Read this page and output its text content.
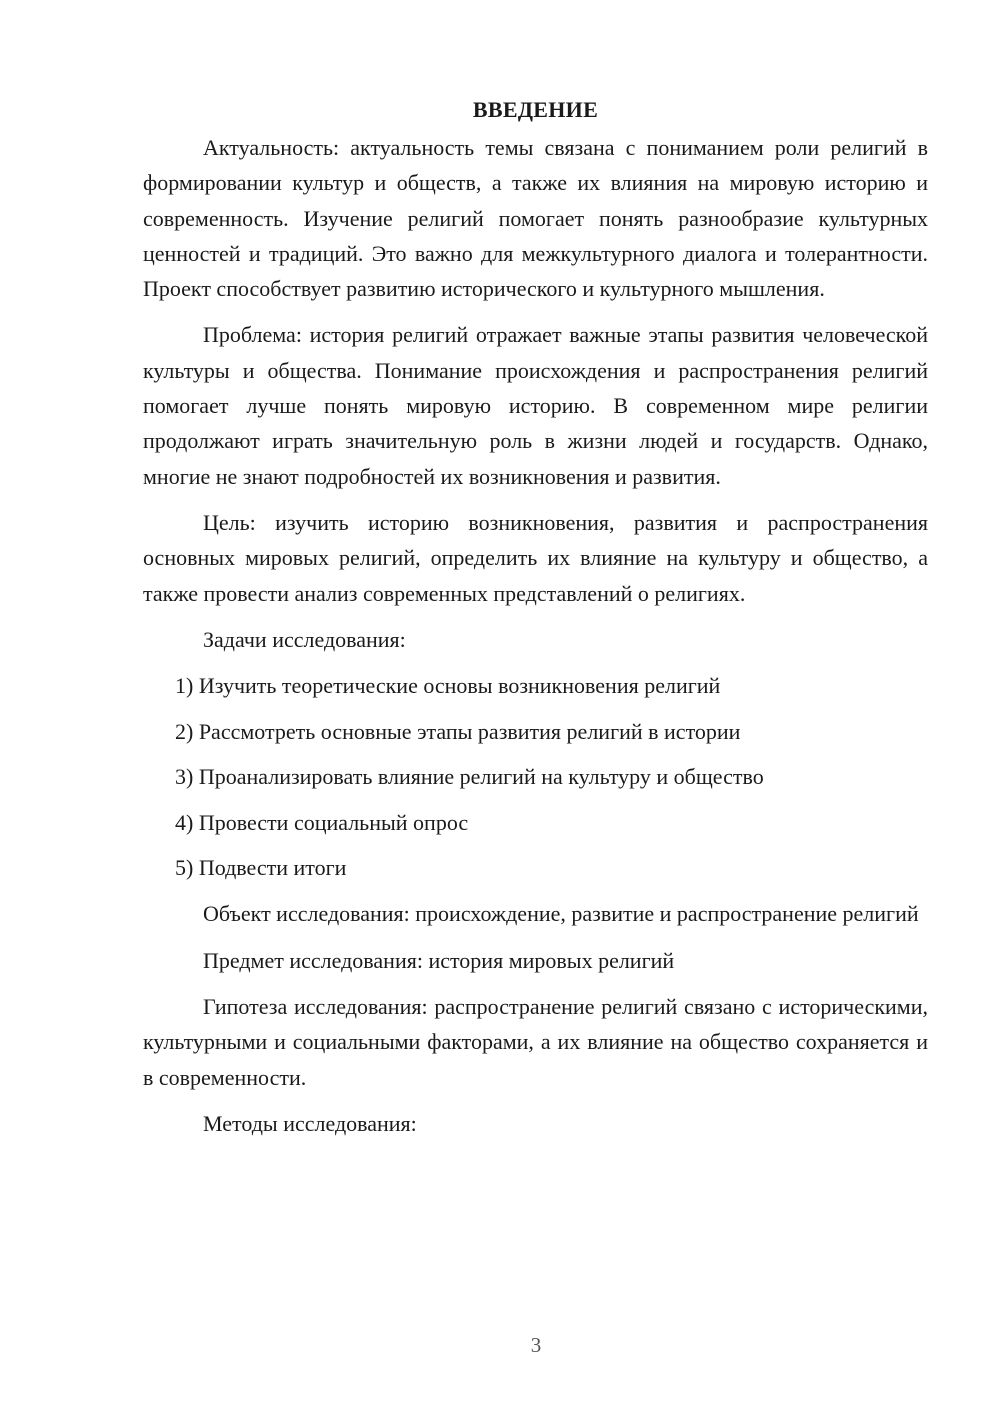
ВВЕДЕНИЕ

Актуальность: актуальность темы связана с пониманием роли религий в формировании культур и обществ, а также их влияния на мировую историю и современность. Изучение религий помогает понять разнообразие культурных ценностей и традиций. Это важно для межкультурного диалога и толерантности. Проект способствует развитию исторического и культурного мышления.

Проблема: история религий отражает важные этапы развития человеческой культуры и общества. Понимание происхождения и распространения религий помогает лучше понять мировую историю. В современном мире религии продолжают играть значительную роль в жизни людей и государств. Однако, многие не знают подробностей их возникновения и развития.

Цель: изучить историю возникновения, развития и распространения основных мировых религий, определить их влияние на культуру и общество, а также провести анализ современных представлений о религиях.

Задачи исследования:

1) Изучить теоретические основы возникновения религий
2) Рассмотреть основные этапы развития религий в истории
3) Проанализировать влияние религий на культуру и общество
4) Провести социальный опрос
5) Подвести итоги

Объект исследования: происхождение, развитие и распространение религий

Предмет исследования: история мировых религий

Гипотеза исследования: распространение религий связано с историческими, культурными и социальными факторами, а их влияние на общество сохраняется и в современности.

Методы исследования:

3
